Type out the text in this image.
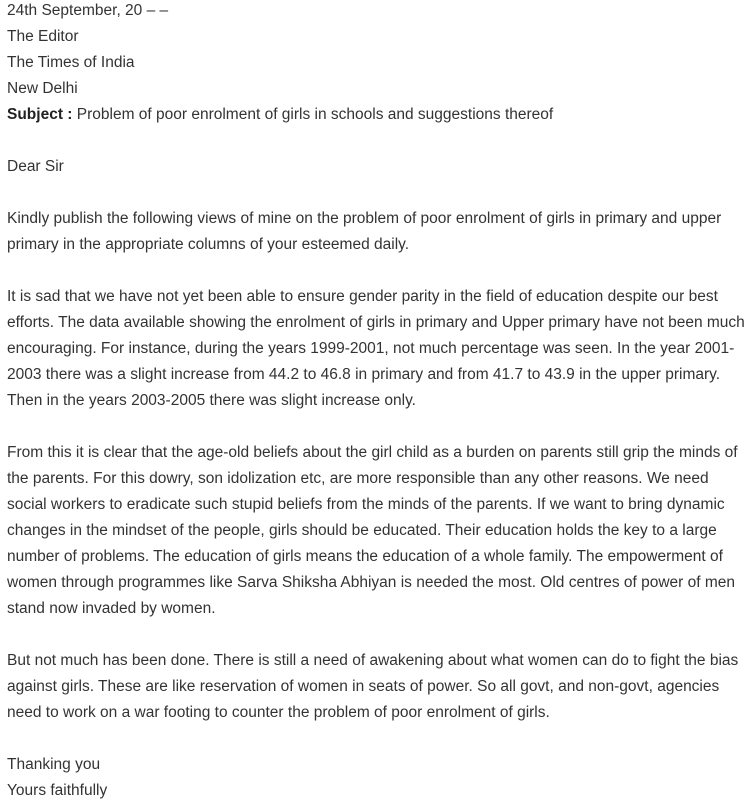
24th September, 20 – –
The Editor
The Times of India
New Delhi
Subject : Problem of poor enrolment of girls in schools and suggestions thereof

Dear Sir

Kindly publish the following views of mine on the problem of poor enrolment of girls in primary and upper primary in the appropriate columns of your esteemed daily.

It is sad that we have not yet been able to ensure gender parity in the field of education despite our best efforts. The data available showing the enrolment of girls in primary and Upper primary have not been much encouraging. For instance, during the years 1999-2001, not much percentage was seen. In the year 2001-2003 there was a slight increase from 44.2 to 46.8 in primary and from 41.7 to 43.9 in the upper primary. Then in the years 2003-2005 there was slight increase only.

From this it is clear that the age-old beliefs about the girl child as a burden on parents still grip the minds of the parents. For this dowry, son idolization etc, are more responsible than any other reasons. We need social workers to eradicate such stupid beliefs from the minds of the parents. If we want to bring dynamic changes in the mindset of the people, girls should be educated. Their education holds the key to a large number of problems. The education of girls means the education of a whole family. The empowerment of women through programmes like Sarva Shiksha Abhiyan is needed the most. Old centres of power of men stand now invaded by women.

But not much has been done. There is still a need of awakening about what women can do to fight the bias against girls. These are like reservation of women in seats of power. So all govt, and non-govt, agencies need to work on a war footing to counter the problem of poor enrolment of girls.

Thanking you
Yours faithfully
